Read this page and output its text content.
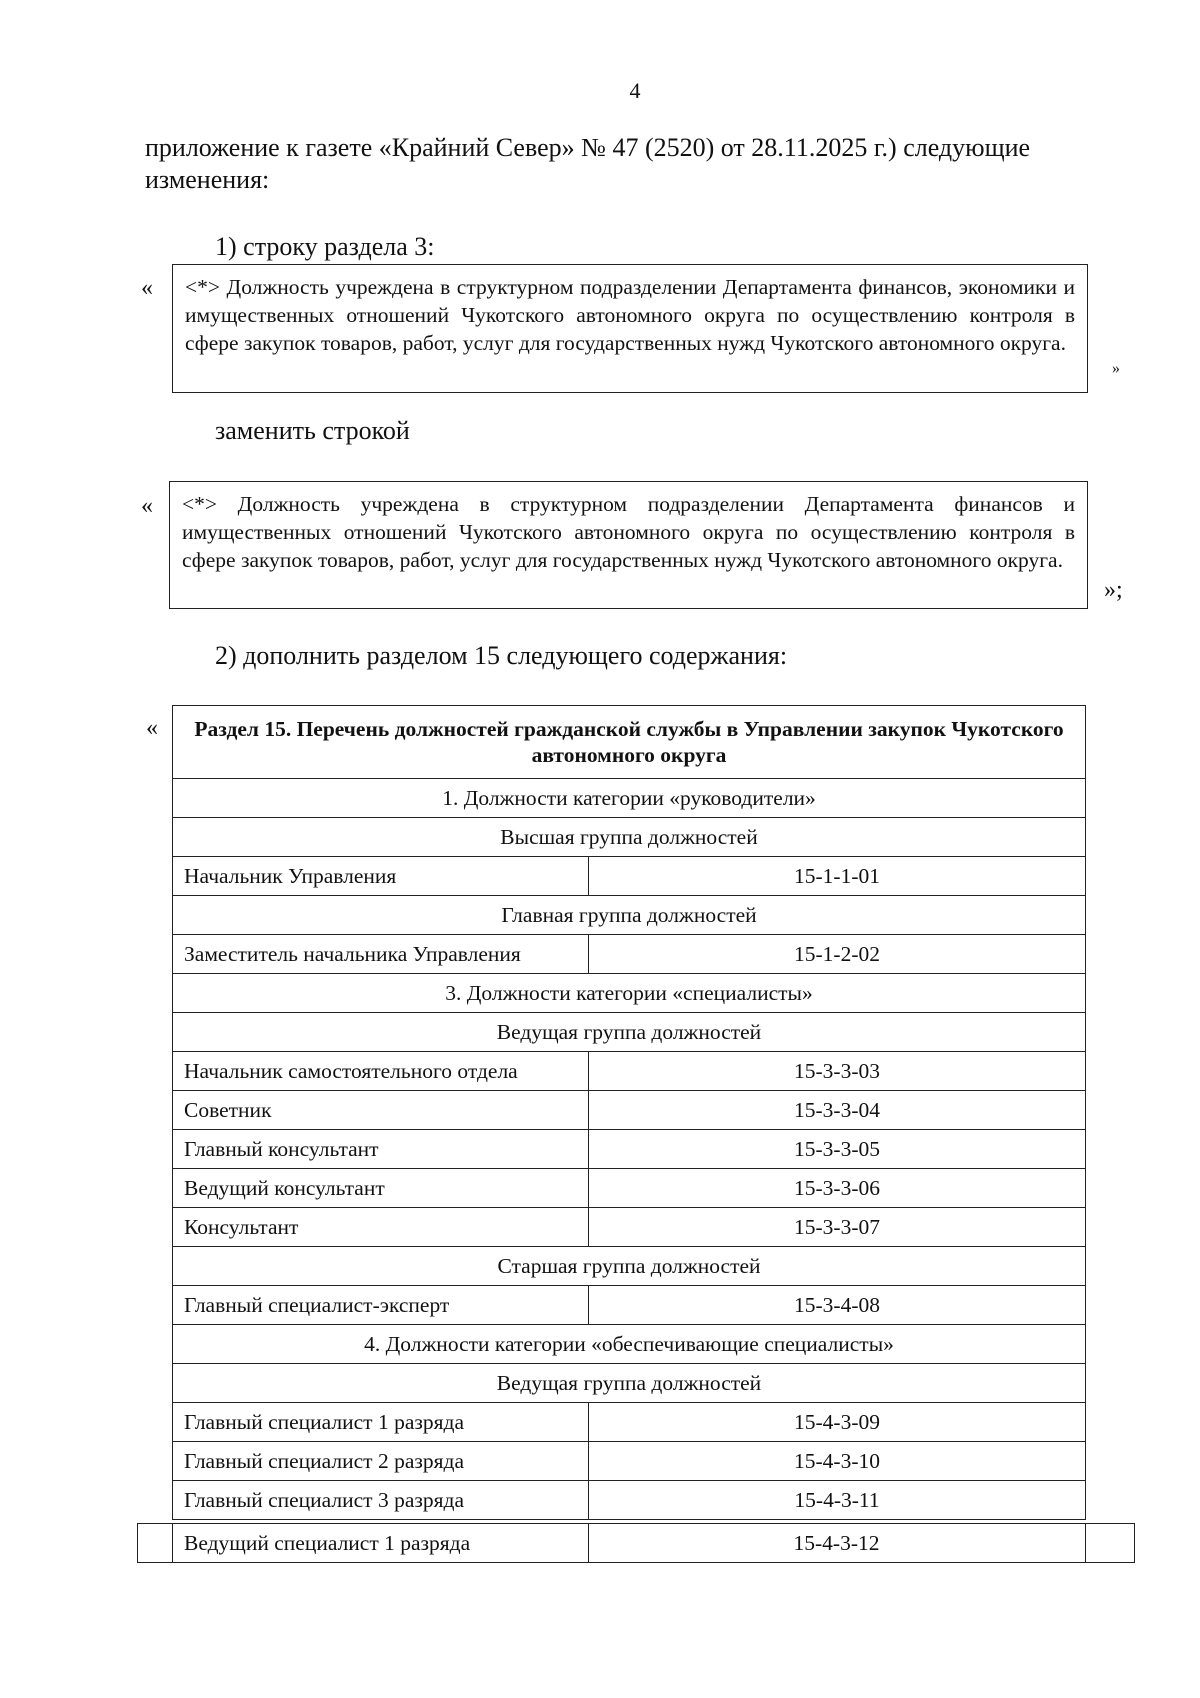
4
приложение к газете «Крайний Север» № 47 (2520) от 28.11.2025 г.) следующие изменения:
1) строку раздела 3:
« <*> Должность учреждена в структурном подразделении Департамента финансов, экономики и имущественных отношений Чукотского автономного округа по осуществлению контроля в сфере закупок товаров, работ, услуг для государственных нужд Чукотского автономного округа.

»
заменить строкой
« <*> Должность учреждена в структурном подразделении Департамента финансов и имущественных отношений Чукотского автономного округа по осуществлению контроля в сфере закупок товаров, работ, услуг для государственных нужд Чукотского автономного округа.

»;
2) дополнить разделом 15 следующего содержания:
« Раздел 15. Перечень должностей гражданской службы в Управлении закупок Чукотского автономного округа	
1. Должности категории «руководители»	
Высшая группа должностей	
Начальник Управления	15-1-1-01
Главная группа должностей	
Заместитель начальника Управления	15-1-2-02
3. Должности категории «специалисты»	
Ведущая группа должностей	
Начальник самостоятельного отдела	15-3-3-03
Советник	15-3-3-04
Главный консультант	15-3-3-05
Ведущий консультант	15-3-3-06
Консультант	15-3-3-07
Старшая группа должностей	
Главный специалист-эксперт	15-3-4-08
4. Должности категории «обеспечивающие специалисты»	
Ведущая группа должностей	
Главный специалист 1 разряда	15-4-3-09
Главный специалист 2 разряда	15-4-3-10
Главный специалист 3 разряда	15-4-3-11
Ведущий специалист 1 разряда	15-4-3-12
